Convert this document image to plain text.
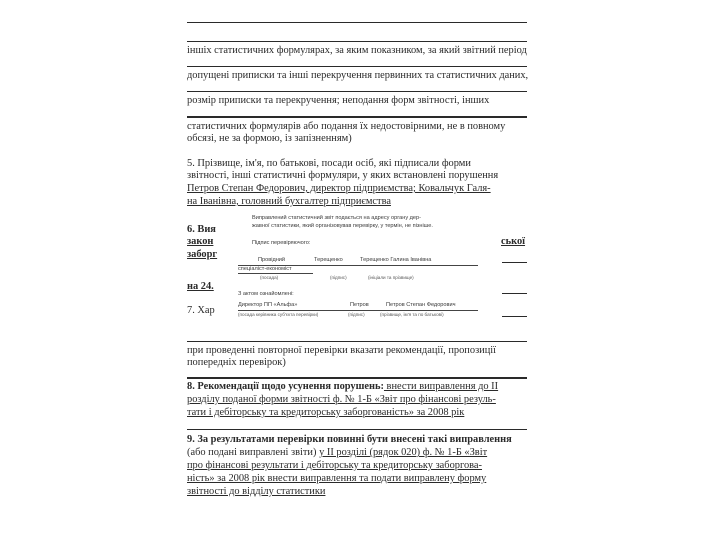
іншіх статистичних формулярах, за яким показником, за який звітний період
допущені приписки та інші перекручення первинних та статистичних даних,
розмір приписки та перекручення; неподання форм звітності, інших
статистичних формулярів або подання їх недостовірними, не в повному
обсязі, не за формою, із запізненням)
5. Прізвище, ім'я, по батькові, посади осіб, які підписали форми
звітності, інші статистичні формуляри, у яких встановлені порушення
Петров Степан Федорович, директор підприємства; Ковальчук Галя-
на Іванівна, головний бухгалтер підприємства
6. Вия
закон	ської
заборг
на 24.
7. Хар
при проведенні повторної перевірки вказати рекомендації, пропозиції
попередніх перевірок)
8. Рекомендації щодо усунення порушень: внести виправлення до ІІ
розділу поданої форми звітності ф. № 1-Б «Звіт про фінансові резуль-
тати і дебіторську та кредиторську заборгованість» за 2008 рік
9. За результатами перевірки повинні бути внесені такі виправлення
(або подані виправлені звіти) у ІІ розділі (рядок 020) ф. № 1-Б «Звіт
про фінансові результати і дебіторську та кредиторську заборгова-
ність» за 2008 рік внести виправлення та подати виправлену форму
звітності до відділу статистики
Виправлений статистичний звіт подається на адресу органу дер-
жавної статистики, який організовував перевірку, у термін, не пізніше.
Підпис перевіряючого:
Провідний	Терещенко	Терещенко Галина Іванівна
спеціаліст-економіст
(посада)	(підпис)	(ініціали та прізвище)
З актом ознайомлені:
Директор ПП «Альфа»	Петров	Петров Степан Федорович
(посада керівника суб'єкта перевірки)	(підпис)	(прізвище, ім'я та по батькові)
